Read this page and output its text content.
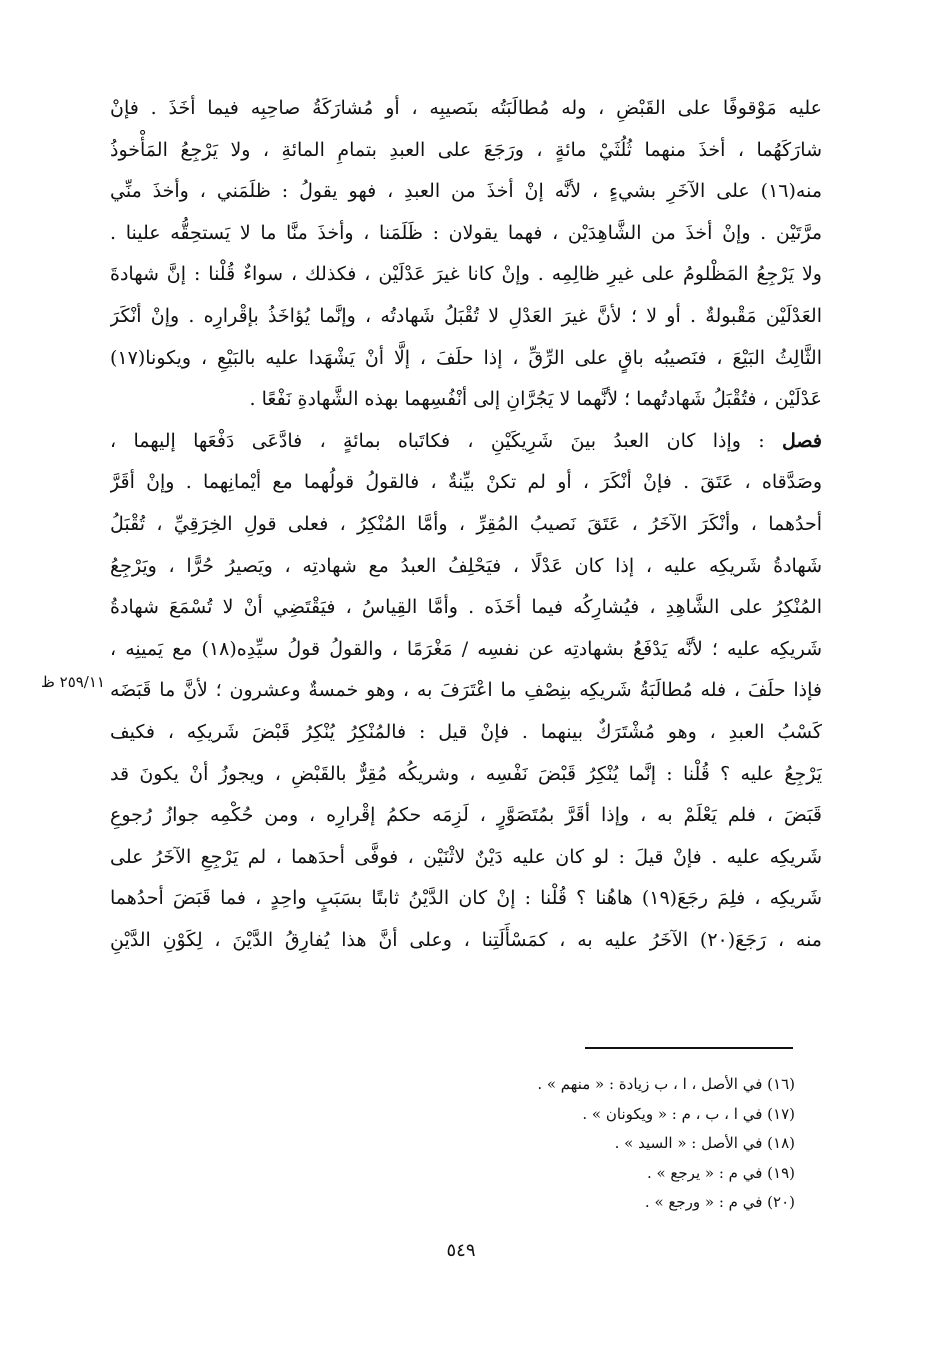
عليه مَوْقوفًا على القَبْضِ ، وله مُطالَبَتُه بنَصيبِه ، أو مُشارَكَةُ صاحِبِه فيما أخَذَ . فإنْ
شارَكَهُما ، أخذَ منهما ثُلُثَيْ مائةٍ ، ورَجَعَ على العبدِ بتمامِ المائةِ ، ولا يَرْجِعُ المَأْخوذُ
منه(١٦) على الآخَرِ بشيءٍ ، لأنَّه إنْ أخذَ من العبدِ ، فهو يقولُ : ظلَمَني ، وأخذَ منِّي
مرَّتَيْن . وإنْ أخذَ من الشَّاهِدَيْن ، فهما يقولان : ظَلَمَنا ، وأخذَ منَّا ما لا يَستحِقُّه علينا .
ولا يَرْجِعُ المَظْلومُ على غيرِ ظالِمِه . وإنْ كانا غيرَ عَدْلَيْن ، فكذلك ، سواءٌ قُلْنا : إنَّ شهادةَ
العَدْلَيْن مَقْبولةٌ . أو لا ؛ لأنَّ غيرَ العَدْلِ لا تُقْبَلُ شَهادتُه ، وإنَّما يُؤاخَذُ بإقْرارِه . وإنْ أنْكَرَ
الثَّالِثُ البَيْعَ ، فنَصيبُه باقٍ على الرِّقِّ ، إذا حلَفَ ، إلَّا أنْ يَشْهَدا عليه بالبَيْعِ ، ويكونا(١٧)
عَدْلَيْن ، فتُقْبَلُ شَهادتُهما ؛ لأنَّهما لا يَجُرَّانِ إلى أنْفُسِهما بهذه الشَّهادةِ نَفْعًا .
فصل : وإذا كان العبدُ بينَ شَرِيكَيْنِ ، فكاتَباه بمائةٍ ، فادَّعَى دَفْعَها إليهما ،
وصَدَّقاه ، عَتَقَ . فإنْ أنْكَرَ ، أو لم تكنْ بيِّنةٌ ، فالقولُ قولُهما مع أيْمانِهما . وإنْ أقَرَّ
أحدُهما ، وأنْكَرَ الآخَرُ ، عَتَقَ نَصيبُ المُقِرِّ ، وأمَّا المُنْكِرُ ، فعلى قولِ الخِرَقِيِّ ، تُقْبَلُ
شَهادةُ شَريكِه عليه ، إذا كان عَدْلًا ، فيَحْلِفُ العبدُ مع شهادتِه ، ويَصيرُ حُرًّا ، ويَرْجِعُ
المُنْكِرُ على الشَّاهِدِ ، فيُشارِكُه فيما أخَذَه . وأمَّا القِياسُ ، فيَقْتَضِي أنْ لا تُسْمَعَ شهادةُ
شَريكِه عليه ؛ لأنَّه يَدْفَعُ بشهادتِه عن نفسِه / مَغْرَمًا ، والقولُ قولُ سيِّدِه(١٨) مع يَمينِه ،
فإذا حلَفَ ، فله مُطالَبَةُ شَريكِه بنِصْفِ ما اعْتَرَفَ به ، وهو خمسةٌ وعشرون ؛ لأنَّ ما قَبَضَه
كَسْبُ العبدِ ، وهو مُشْتَرَكٌ بينهما . فإنْ قيل : فالمُنْكِرُ يُنْكِرُ قَبْضَ شَريكِه ، فكيف
يَرْجِعُ عليه ؟ قُلْنا : إنَّما يُنْكِرُ قَبْضَ نَفْسِه ، وشريكُه مُقِرٌّ بالقَبْضِ ، ويجوزُ أنْ يكونَ قد
قَبَضَ ، فلم يَعْلَمْ به ، وإذا أقَرَّ بمُتَصَوَّرٍ ، لَزِمَه حكمُ إقْرارِه ، ومن حُكْمِه جوازُ رُجوعِ
شَريكِه عليه . فإنْ قيلَ : لو كان عليه دَيْنٌ لاثْنَيْن ، فوفَّى أحدَهما ، لم يَرْجِعِ الآخَرُ على
شَريكِه ، فلِمَ رجَعَ(١٩) هاهُنا ؟ قُلْنا : إنْ كان الدَّيْنُ ثابتًا بسَبَبٍ واحِدٍ ، فما قَبَضَ أحدُهما
منه ، رَجَعَ(٢٠) الآخَرُ عليه به ، كمَسْأَلَتِنا ، وعلى أنَّ هذا يُفارِقُ الدَّيْنَ ، لِكَوْنِ الدَّيْنِ
٢٥٩/١١ ظ
(١٦) في الأصل ، ا ، ب زيادة : « منهم » .
(١٧) في ا ، ب ، م : « ويكونان » .
(١٨) في الأصل : « السيد » .
(١٩) في م : « يرجع » .
(٢٠) في م : « ورجع » .
٥٤٩
